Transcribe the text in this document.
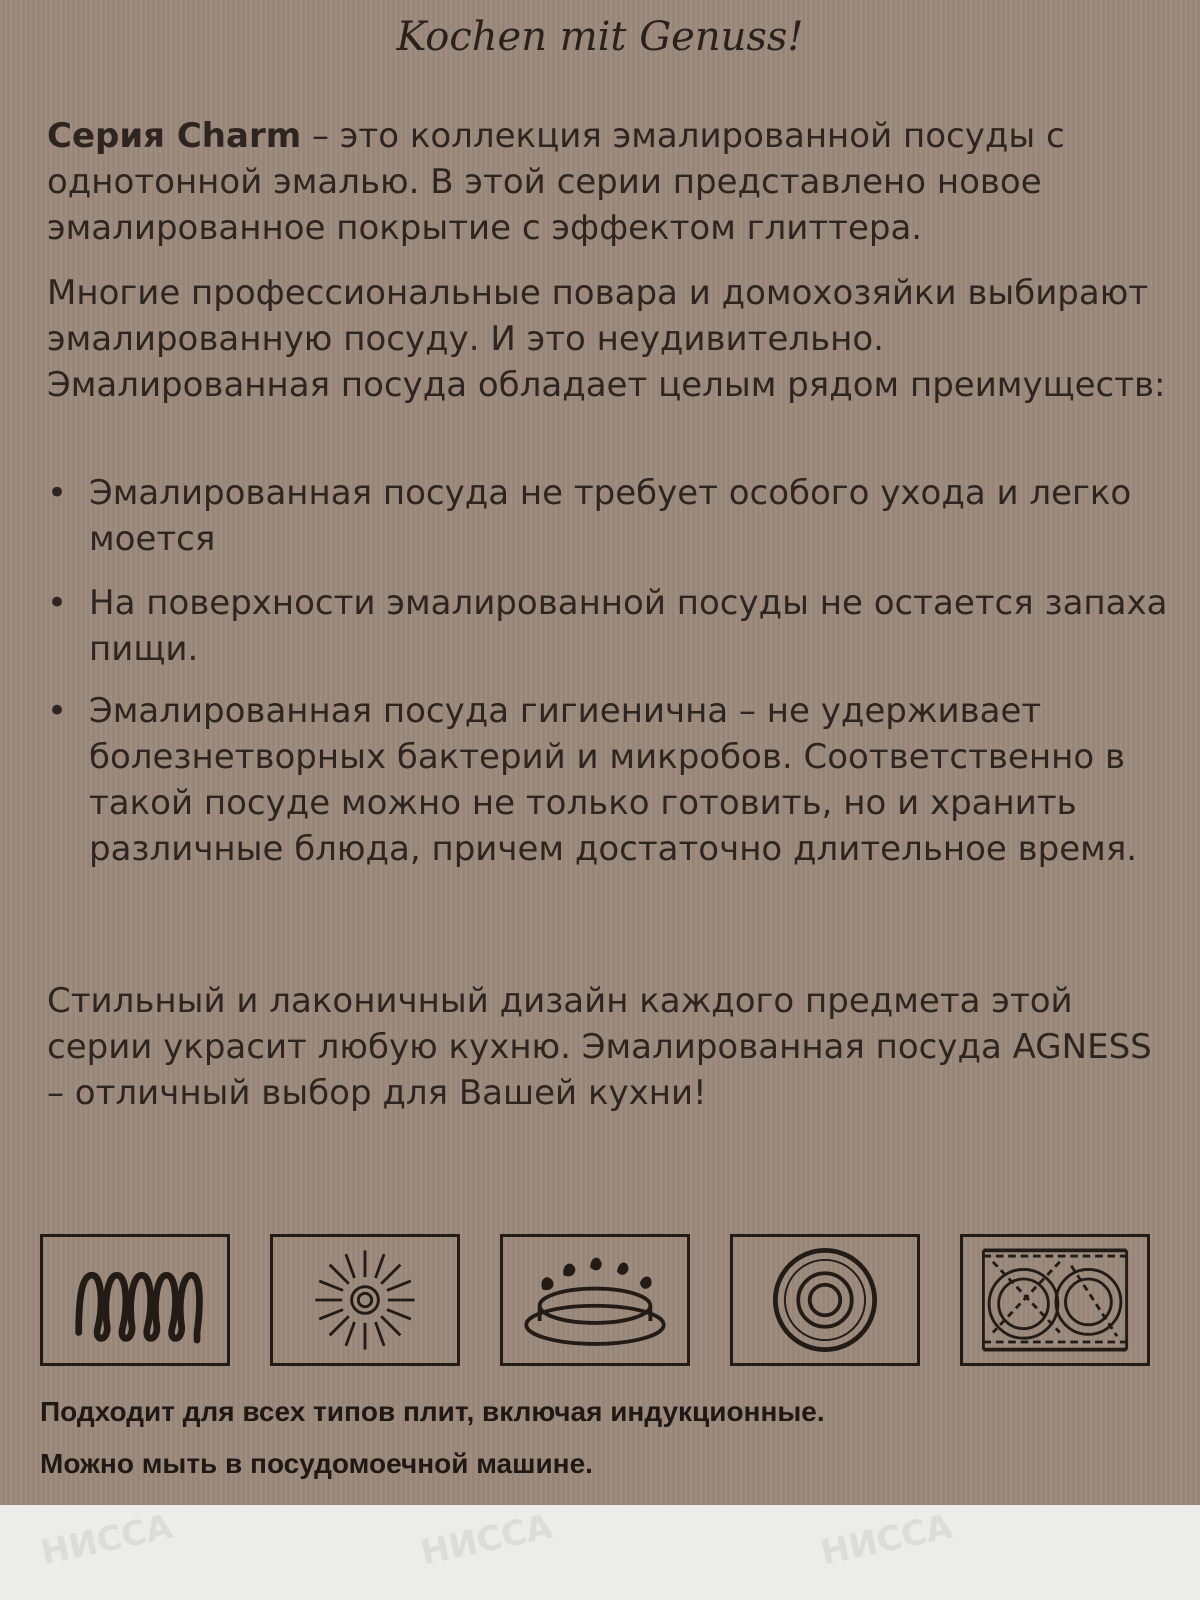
Kochen mit Genuss!
Серия Charm – это коллекция эмалированной посуды с однотонной эмалью. В этой серии представлено новое эмалированное покрытие с эффектом глиттера.
Многие профессиональные повара и домохозяйки выбирают эмалированную посуду. И это неудивительно. Эмалированная посуда обладает целым рядом преимуществ:
• Эмалированная посуда не требует особого ухода и легко моется
• На поверхности эмалированной посуды не остается запаха пищи.
• Эмалированная посуда гигиенична – не удерживает болезнетворных бактерий и микробов. Соответственно в такой посуде можно не только готовить, но и хранить различные блюда, причем достаточно длительное время.
Стильный и лаконичный дизайн каждого предмета этой серии украсит любую кухню. Эмалированная посуда AGNESS – отличный выбор для Вашей кухни!
Подходит для всех типов плит, включая индукционные.
Можно мыть в посудомоечной машине.
НИССА	НИССА	НИССА
